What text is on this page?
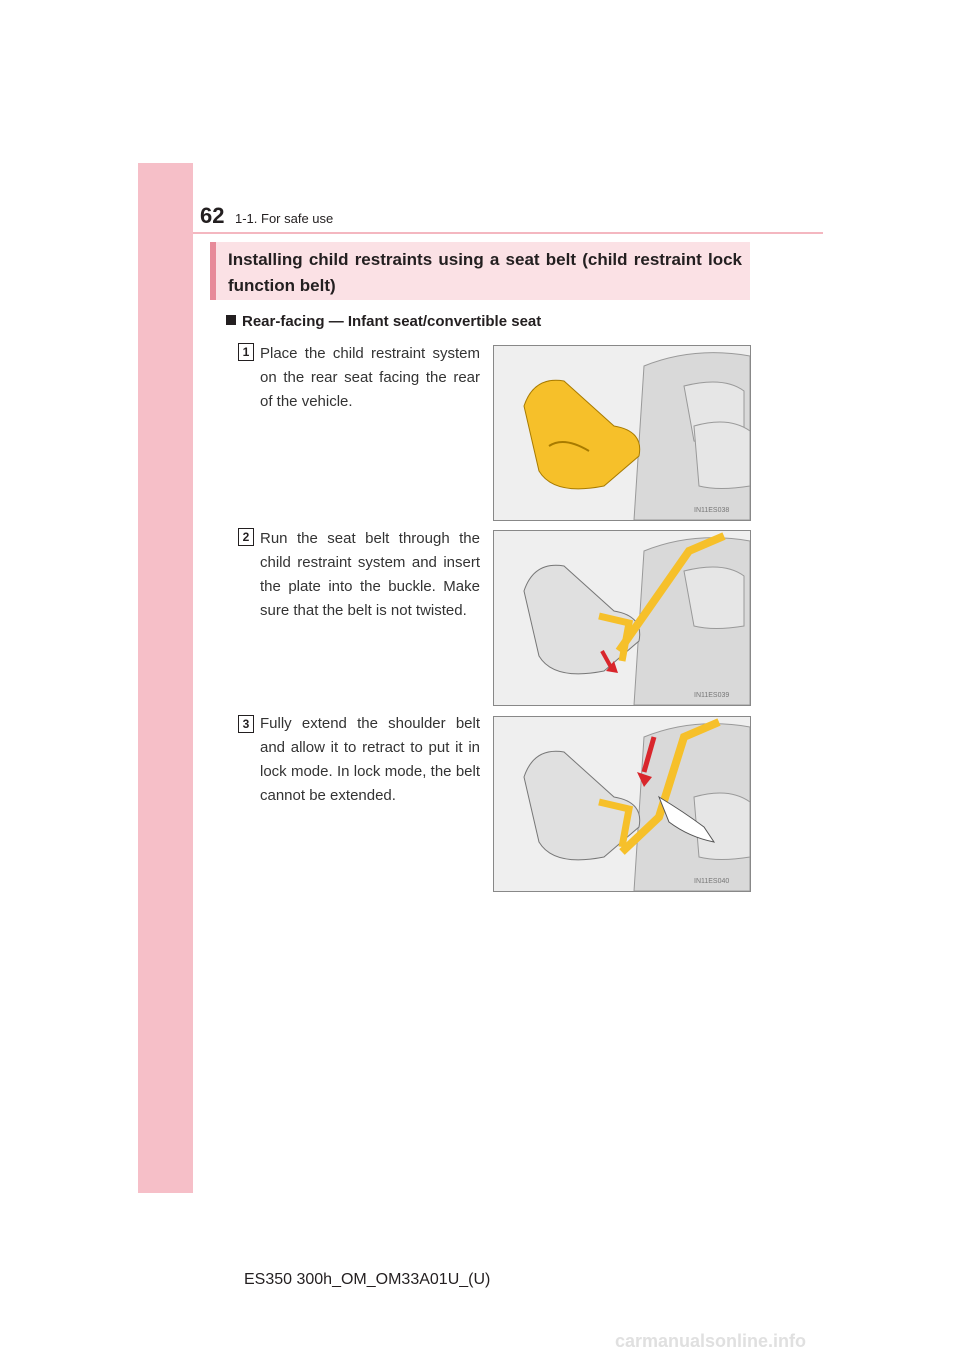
62 1-1. For safe use
Installing child restraints using a seat belt (child restraint lock function belt)
Rear-facing — Infant seat/convertible seat
1 Place the child restraint system on the rear seat facing the rear of the vehicle.
IN11ES038
2 Run the seat belt through the child restraint system and insert the plate into the buckle. Make sure that the belt is not twisted.
IN11ES039
3 Fully extend the shoulder belt and allow it to retract to put it in lock mode. In lock mode, the belt cannot be extended.
IN11ES040
ES350 300h_OM_OM33A01U_(U)
carmanualsonline.info
